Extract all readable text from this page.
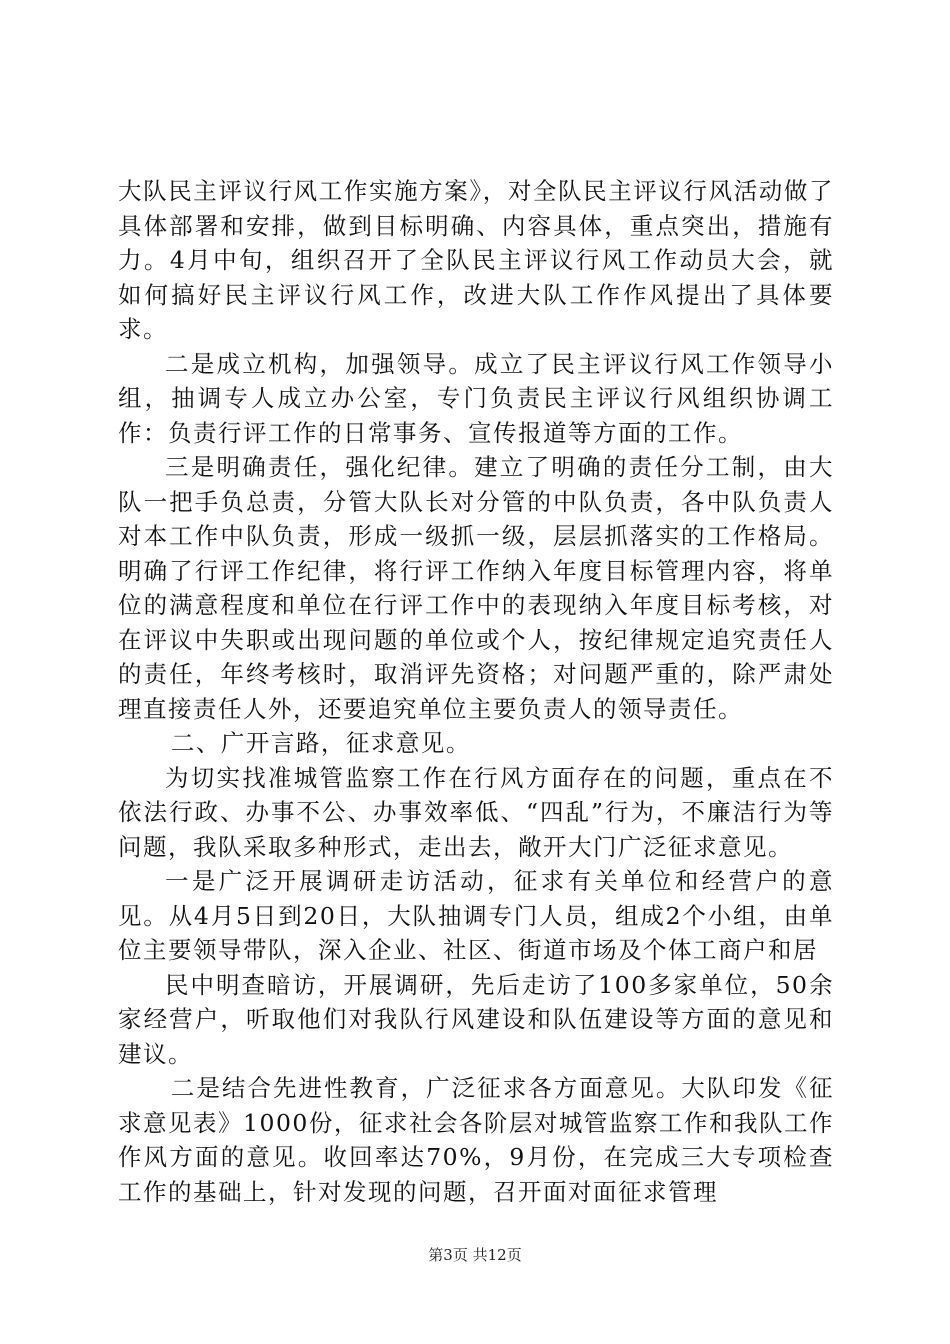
大队民主评议行风工作实施方案》，对全队民主评议行风活动做了具体部署和安排，做到目标明确、内容具体，重点突出，措施有力。4月中旬，组织召开了全队民主评议行风工作动员大会，就如何搞好民主评议行风工作，改进大队工作作风提出了具体要求。

二是成立机构，加强领导。成立了民主评议行风工作领导小组，抽调专人成立办公室，专门负责民主评议行风组织协调工作：负责行评工作的日常事务、宣传报道等方面的工作。

三是明确责任，强化纪律。建立了明确的责任分工制，由大队一把手负总责，分管大队长对分管的中队负责，各中队负责人对本工作中队负责，形成一级抓一级，层层抓落实的工作格局。明确了行评工作纪律，将行评工作纳入年度目标管理内容，将单位的满意程度和单位在行评工作中的表现纳入年度目标考核，对在评议中失职或出现问题的单位或个人，按纪律规定追究责任人的责任，年终考核时，取消评先资格；对问题严重的，除严肃处理直接责任人外，还要追究单位主要负责人的领导责任。

二、广开言路，征求意见。

为切实找准城管监察工作在行风方面存在的问题，重点在不依法行政、办事不公、办事效率低、“四乱”行为，不廉洁行为等问题，我队采取多种形式，走出去，敞开大门广泛征求意见。

一是广泛开展调研走访活动，征求有关单位和经营户的意见。从4月5日到20日，大队抽调专门人员，组成2个小组，由单位主要领导带队，深入企业、社区、街道市场及个体工商户和居

民中明查暗访，开展调研，先后走访了100多家单位，50余家经营户，听取他们对我队行风建设和队伍建设等方面的意见和建议。

二是结合先进性教育，广泛征求各方面意见。大队印发《征求意见表》1000份，征求社会各阶层对城管监察工作和我队工作作风方面的意见。收回率达70%，9月份，在完成三大专项检查工作的基础上，针对发现的问题，召开面对面征求管理

第3页 共12页
